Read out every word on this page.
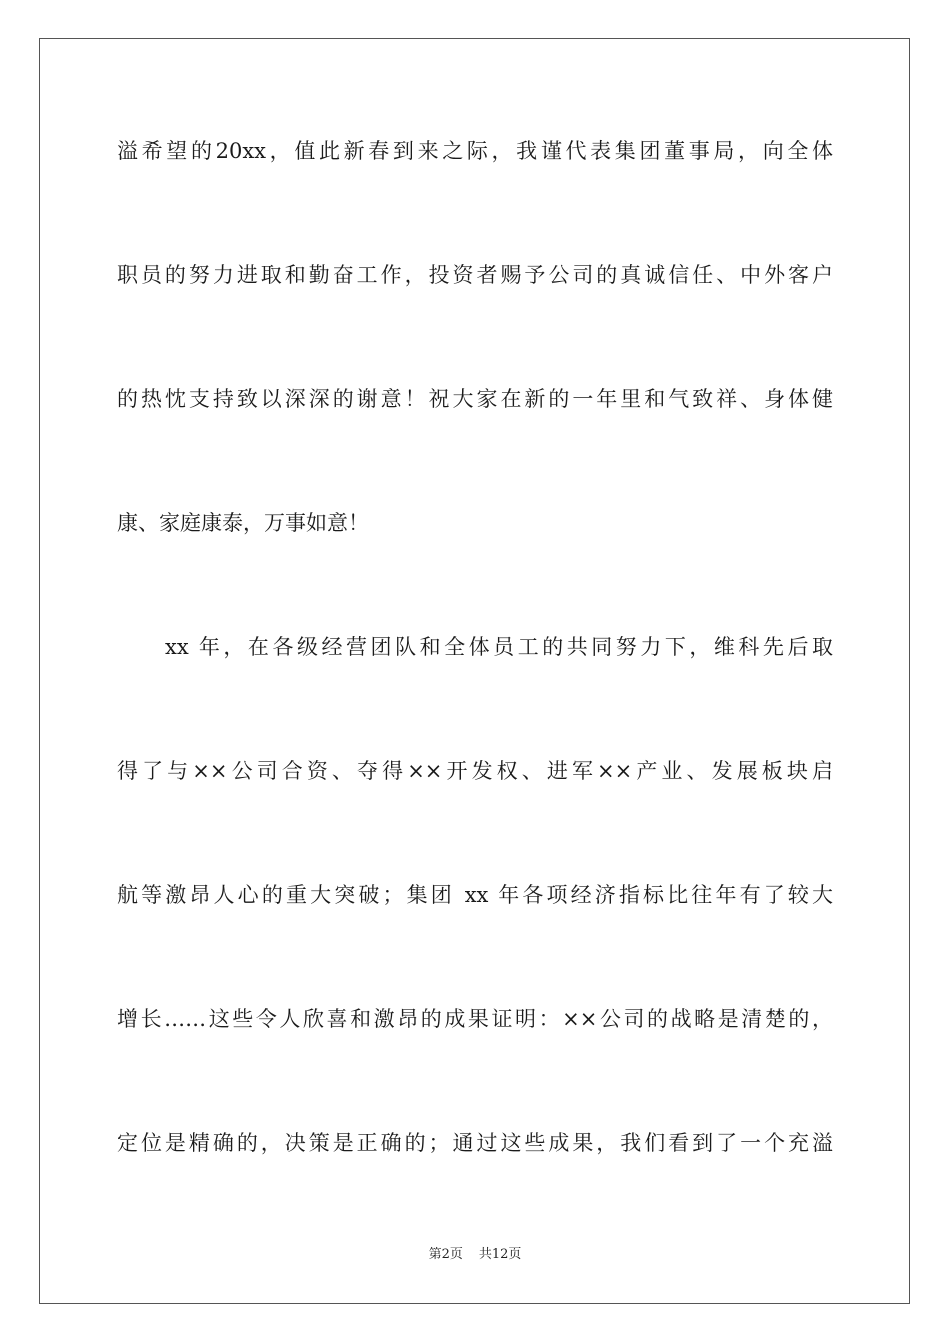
溢希望的20xx，值此新春到来之际，我谨代表集团董事局，向全体
职员的努力进取和勤奋工作，投资者赐予公司的真诚信任、中外客户
的热忱支持致以深深的谢意！祝大家在新的一年里和气致祥、身体健
康、家庭康泰，万事如意！
xx 年，在各级经营团队和全体员工的共同努力下，维科先后取
得了与××公司合资、夺得××开发权、进军××产业、发展板块启
航等激昂人心的重大突破；集团 xx 年各项经济指标比往年有了较大
增长……这些令人欣喜和激昂的成果证明：××公司的战略是清楚的，
定位是精确的，决策是正确的；通过这些成果，我们看到了一个充溢
第2页 共12页
